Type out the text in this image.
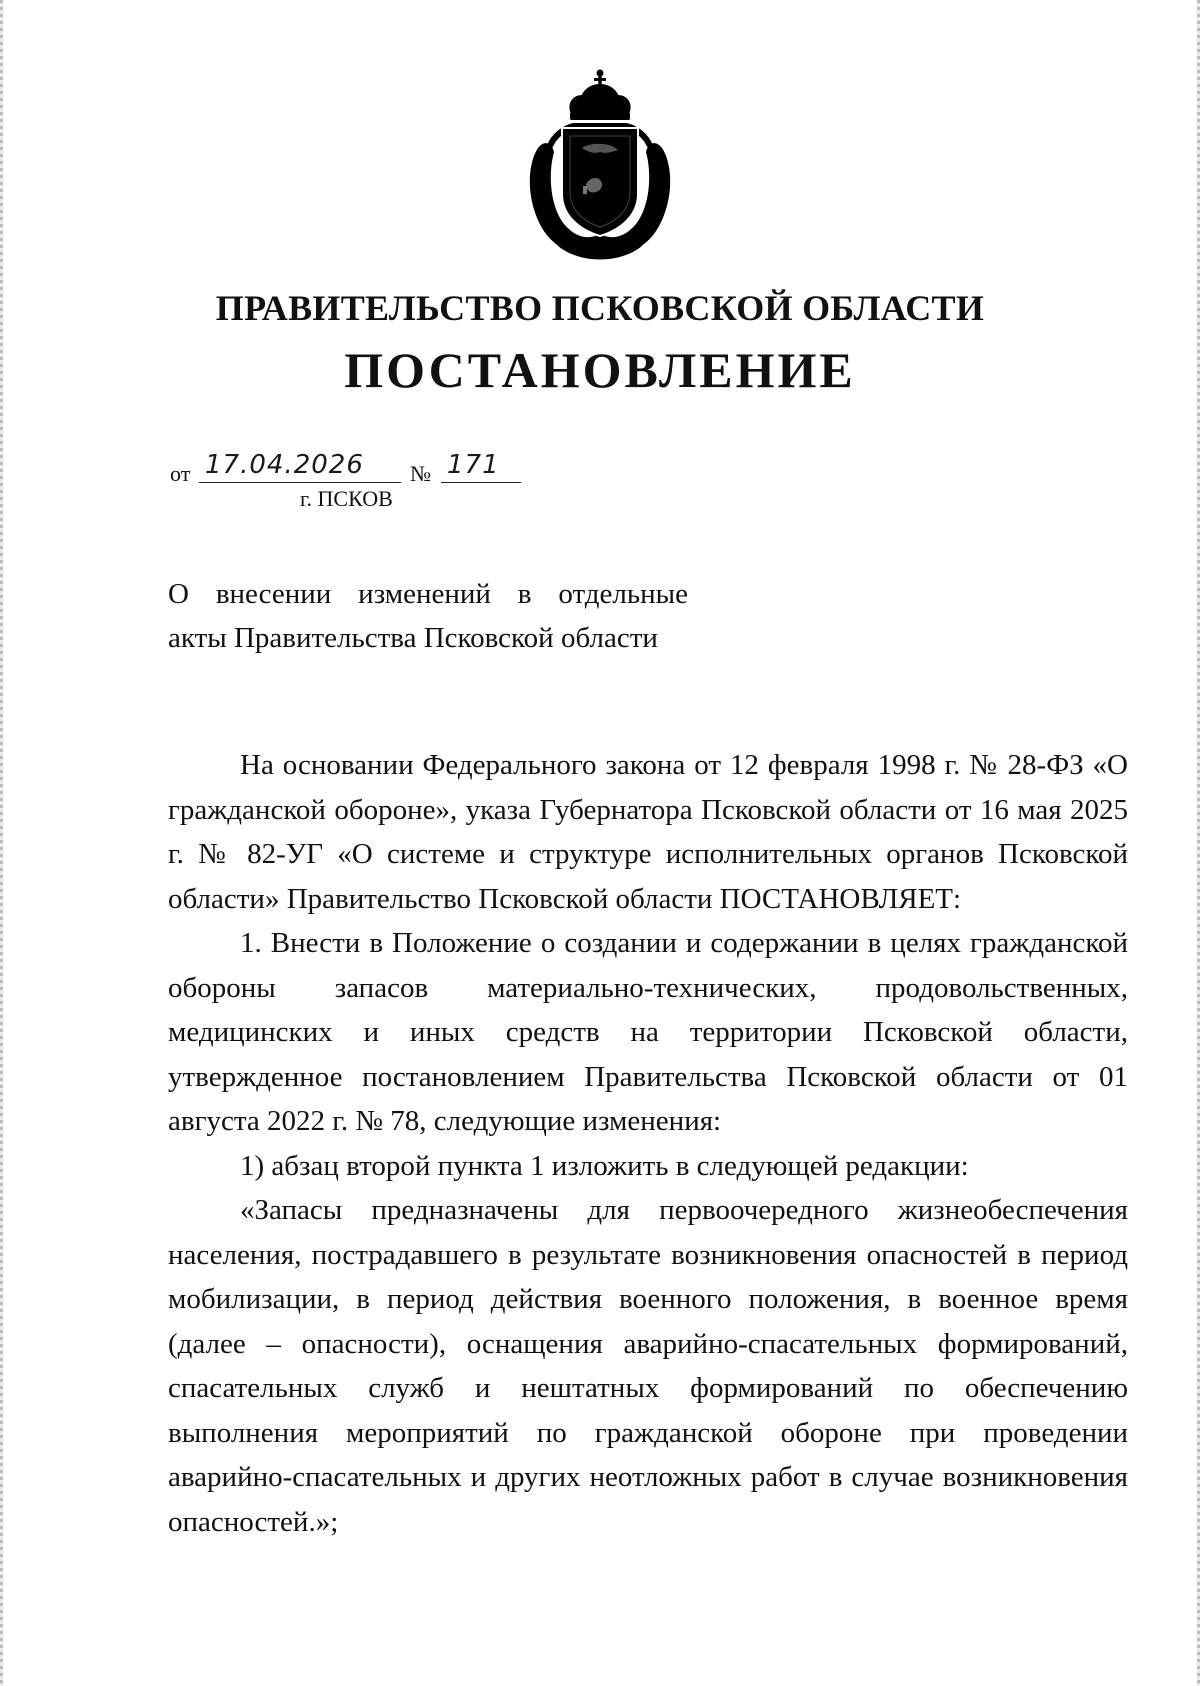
ПРАВИТЕЛЬСТВО ПСКОВСКОЙ ОБЛАСТИ
ПОСТАНОВЛЕНИЕ
от 17.04.2026 № 171
г. ПСКОВ
О внесении изменений в отдельные
акты Правительства Псковской области

На основании Федерального закона от 12 февраля 1998 г. № 28-ФЗ «О гражданской обороне», указа Губернатора Псковской области от 16 мая 2025 г. № 82-УГ «О системе и структуре исполнительных органов Псковской области» Правительство Псковской области ПОСТАНОВЛЯЕТ:

1. Внести в Положение о создании и содержании в целях гражданской обороны запасов материально-технических, продовольственных, медицинских и иных средств на территории Псковской области, утвержденное постановлением Правительства Псковской области от 01 августа 2022 г. № 78, следующие изменения:

1) абзац второй пункта 1 изложить в следующей редакции:

«Запасы предназначены для первоочередного жизнеобеспечения населения, пострадавшего в результате возникновения опасностей в период мобилизации, в период действия военного положения, в военное время (далее – опасности), оснащения аварийно-спасательных формирований, спасательных служб и нештатных формирований по обеспечению выполнения мероприятий по гражданской обороне при проведении аварийно-спасательных и других неотложных работ в случае возникновения опасностей.»;
